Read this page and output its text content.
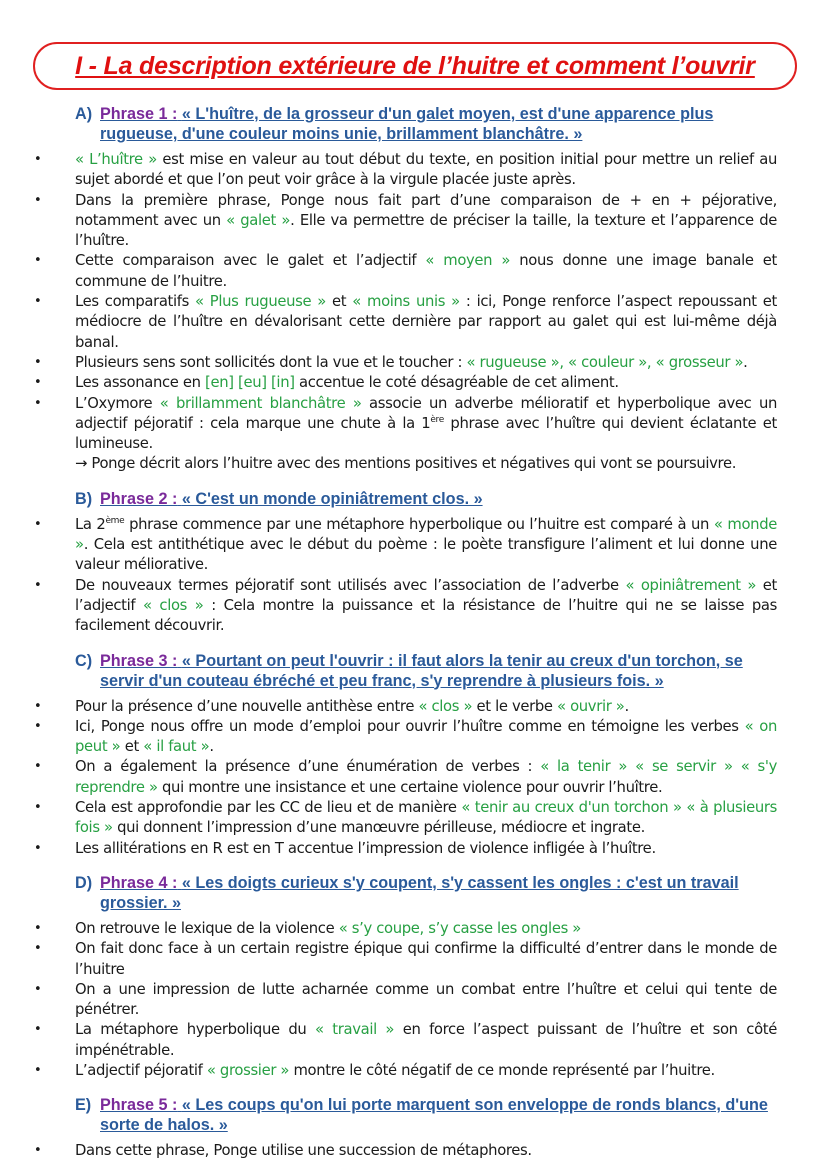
I - La description extérieure de l’huitre et comment l’ouvrir
A) Phrase 1 : « L'huître, de la grosseur d'un galet moyen, est d'une apparence plus rugueuse, d'une couleur moins unie, brillamment blanchâtre. »
• « L’huître » est mise en valeur au tout début du texte, en position initial pour mettre un relief au sujet abordé et que l’on peut voir grâce à la virgule placée juste après.
• Dans la première phrase, Ponge nous fait part d’une comparaison de + en + péjorative, notamment avec un « galet ». Elle va permettre de préciser la taille, la texture et l’apparence de l’huître.
• Cette comparaison avec le galet et l’adjectif « moyen » nous donne une image banale et commune de l’huitre.
• Les comparatifs « Plus rugueuse » et « moins unis » : ici, Ponge renforce l’aspect repoussant et médiocre de l’huître en dévalorisant cette dernière par rapport au galet qui est lui-même déjà banal.
• Plusieurs sens sont sollicités dont la vue et le toucher : « rugueuse », « couleur », « grosseur ».
• Les assonance en [en] [eu] [in] accentue le coté désagréable de cet aliment.
• L’Oxymore « brillamment blanchâtre » associe un adverbe mélioratif et hyperbolique avec un adjectif péjoratif : cela marque une chute à la 1ère phrase avec l’huître qui devient éclatante et lumineuse.
→ Ponge décrit alors l’huitre avec des mentions positives et négatives qui vont se poursuivre.
B) Phrase 2 : « C'est un monde opiniâtrement clos. »
• La 2ème phrase commence par une métaphore hyperbolique ou l’huitre est comparé à un « monde ». Cela est antithétique avec le début du poème : le poète transfigure l’aliment et lui donne une valeur méliorative.
• De nouveaux termes péjoratif sont utilisés avec l’association de l’adverbe « opiniâtrement » et l’adjectif « clos » : Cela montre la puissance et la résistance de l’huitre qui ne se laisse pas facilement découvrir.
C) Phrase 3 : « Pourtant on peut l'ouvrir : il faut alors la tenir au creux d'un torchon, se servir d'un couteau ébréché et peu franc, s'y reprendre à plusieurs fois. »
• Pour la présence d’une nouvelle antithèse entre « clos » et le verbe « ouvrir ».
• Ici, Ponge nous offre un mode d’emploi pour ouvrir l’huître comme en témoigne les verbes « on peut » et « il faut ».
• On a également la présence d’une énumération de verbes : « la tenir » « se servir » « s'y reprendre » qui montre une insistance et une certaine violence pour ouvrir l’huître.
• Cela est approfondie par les CC de lieu et de manière « tenir au creux d'un torchon » « à plusieurs fois » qui donnent l’impression d’une manœuvre périlleuse, médiocre et ingrate.
• Les allitérations en R est en T accentue l’impression de violence infligée à l’huître.
D) Phrase 4 : « Les doigts curieux s'y coupent, s'y cassent les ongles : c'est un travail grossier. »
• On retrouve le lexique de la violence « s’y coupe, s’y casse les ongles »
• On fait donc face à un certain registre épique qui confirme la difficulté d’entrer dans le monde de l’huitre
• On a une impression de lutte acharnée comme un combat entre l’huître et celui qui tente de pénétrer.
• La métaphore hyperbolique du « travail » en force l’aspect puissant de l’huître et son côté impénétrable.
• L’adjectif péjoratif « grossier » montre le côté négatif de ce monde représenté par l’huitre.
E) Phrase 5 : « Les coups qu'on lui porte marquent son enveloppe de ronds blancs, d'une sorte de halos. »
• Dans cette phrase, Ponge utilise une succession de métaphores.
